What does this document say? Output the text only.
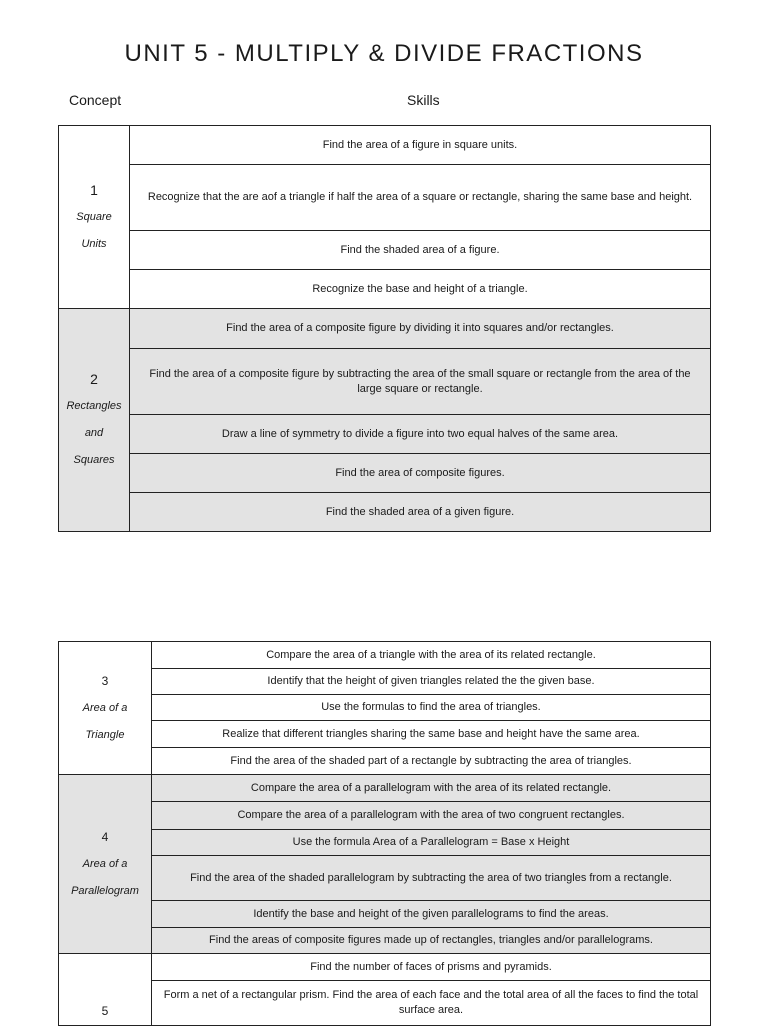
UNIT 5 - MULTIPLY & DIVIDE FRACTIONS
Concept	Skills
1
Square
Units	Find the area of a figure in square units.
	Recognize that the are aof a triangle if half the area of a square or rectangle, sharing the same base and height.
	Find the shaded area of a figure.
	Recognize the base and height of a triangle.

2
Rectangles
and
Squares	Find the area of a composite figure by dividing it into squares and/or rectangles.
	Find the area of a composite figure by subtracting the area of the small square or rectangle from the area of the large square or rectangle.
	Draw a line of symmetry to divide a figure into two equal halves of the same area.
	Find the area of composite figures.
	Find the shaded area of a given figure.
3
Area of a
Triangle	Compare the area of a triangle with the area of its related rectangle.
	Identify that the height of given triangles related the the given base.
	Use the formulas to find the area of triangles.
	Realize that different triangles sharing the same base and height have the same area.
	Find the area of the shaded part of a rectangle by subtracting the area of triangles.

4
Area of a
Parallelogram	Compare the area of a parallelogram with the area of its related rectangle.
	Compare the area of a parallelogram with the area of two congruent rectangles.
	Use the formula Area of a Parallelogram = Base x Height
	Find the area of the shaded parallelogram by subtracting the area of two triangles from a rectangle.
	Identify the base and height of the given parallelograms to find the areas.
	Find the areas of composite figures made up of rectangles, triangles and/or parallelograms.

5	Find the number of faces of prisms and pyramids.
	Form a net of a rectangular prism. Find the area of each face and the total area of all the faces to find the total surface area.
